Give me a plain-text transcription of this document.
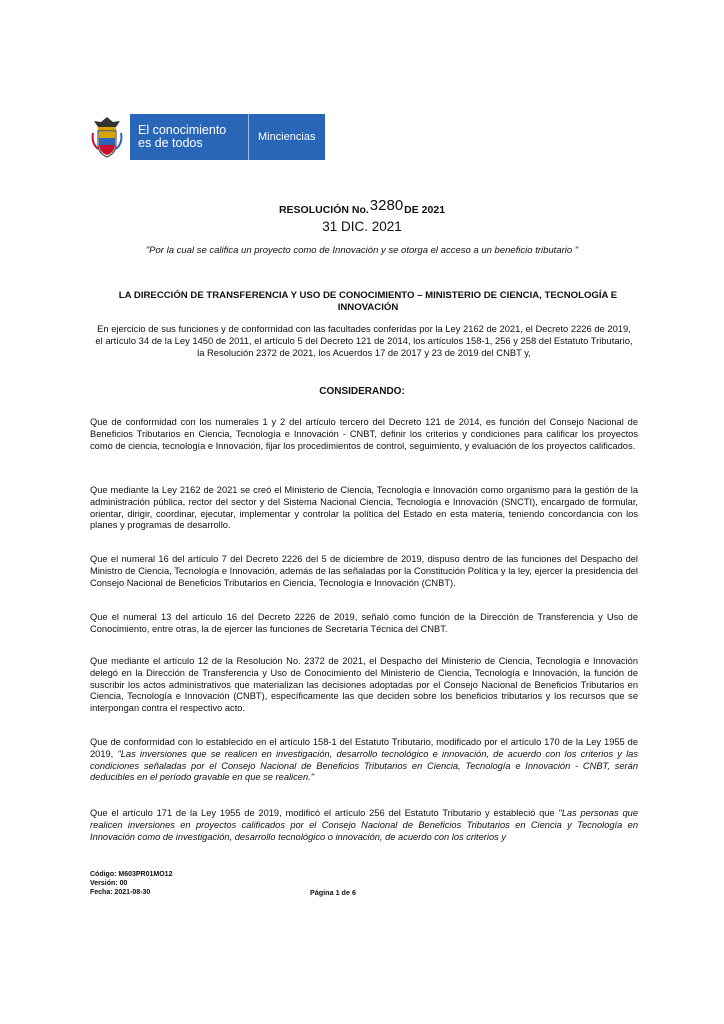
El conocimiento es de todos	Minciencias
RESOLUCIÓN No.3280DE 2021
31 DIC. 2021
"Por la cual se califica un proyecto como de Innovación y se otorga el acceso a un beneficio tributario "
LA DIRECCIÓN DE TRANSFERENCIA Y USO DE CONOCIMIENTO – MINISTERIO DE CIENCIA, TECNOLOGÍA E INNOVACIÓN
En ejercicio de sus funciones y de conformidad con las facultades conferidas por la Ley 2162 de 2021, el Decreto 2226 de 2019, el artículo 34 de la Ley 1450 de 2011, el artículo 5 del Decreto 121 de 2014, los artículos 158-1, 256 y 258 del Estatuto Tributario, la Resolución 2372 de 2021, los Acuerdos 17 de 2017 y 23 de 2019 del CNBT y,
CONSIDERANDO:
Que de conformidad con los numerales 1 y 2 del artículo tercero del Decreto 121 de 2014, es función del Consejo Nacional de Beneficios Tributarios en Ciencia, Tecnología e Innovación - CNBT, definir los criterios y condiciones para calificar los proyectos como de ciencia, tecnología e Innovación, fijar los procedimientos de control, seguimiento, y evaluación de los proyectos calificados.
Que mediante la Ley 2162 de 2021 se creó el Ministerio de Ciencia, Tecnología e Innovación como organismo para la gestión de la administración pública, rector del sector y del Sistema Nacional Ciencia, Tecnología e Innovación (SNCTI), encargado de formular, orientar, dirigir, coordinar, ejecutar, implementar y controlar la política del Estado en esta materia, teniendo concordancia con los planes y programas de desarrollo.
Que el numeral 16 del artículo 7 del Decreto 2226 del 5 de diciembre de 2019, dispuso dentro de las funciones del Despacho del Ministro de Ciencia, Tecnología e Innovación, además de las señaladas por la Constitución Política y la ley, ejercer la presidencia del Consejo Nacional de Beneficios Tributarios en Ciencia, Tecnología e Innovación (CNBT).
Que el numeral 13 del artículo 16 del Decreto 2226 de 2019, señaló como función de la Dirección de Transferencia y Uso de Conocimiento, entre otras, la de ejercer las funciones de Secretaría Técnica del CNBT.
Que mediante el artículo 12 de la Resolución No. 2372 de 2021, el Despacho del Ministerio de Ciencia, Tecnología e Innovación delegó en la Dirección de Transferencia y Uso de Conocimiento del Ministerio de Ciencia, Tecnología e Innovación, la función de suscribir los actos administrativos que materializan las decisiones adoptadas por el Consejo Nacional de Beneficios Tributarios en Ciencia, Tecnología e Innovación (CNBT), específicamente las que deciden sobre los beneficios tributarios y los recursos que se interpongan contra el respectivo acto.
Que de conformidad con lo establecido en el artículo 158-1 del Estatuto Tributario, modificado por el artículo 170 de la Ley 1955 de 2019, "Las inversiones que se realicen en investigación, desarrollo tecnológico e innovación, de acuerdo con los criterios y las condiciones señaladas por el Consejo Nacional de Beneficios Tributarios en Ciencia, Tecnología e Innovación - CNBT, serán deducibles en el período gravable en que se realicen."
Que el artículo 171 de la Ley 1955 de 2019, modificó el artículo 256 del Estatuto Tributario y estableció que "Las personas que realicen inversiones en proyectos calificados por el Consejo Nacional de Beneficios Tributarios en Ciencia y Tecnología en Innovación como de investigación, desarrollo tecnológico o innovación, de acuerdo con los criterios y
Código: M603PR01MO12
Versión: 00
Fecha: 2021-08-30	Página 1 de 6
